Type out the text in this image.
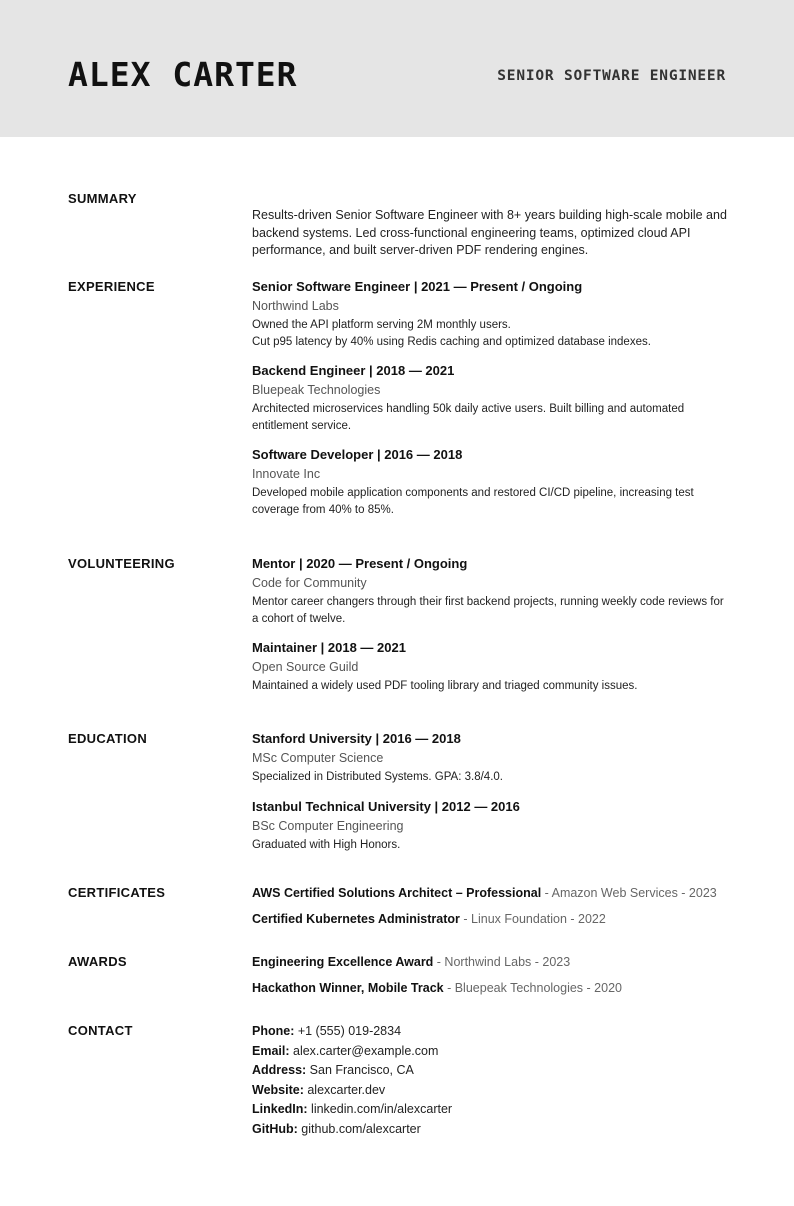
ALEX CARTER	SENIOR SOFTWARE ENGINEER
SUMMARY
Results-driven Senior Software Engineer with 8+ years building high-scale mobile and backend systems. Led cross-functional engineering teams, optimized cloud API performance, and built server-driven PDF rendering engines.
EXPERIENCE	Senior Software Engineer | 2021 — Present / Ongoing
Northwind Labs
Owned the API platform serving 2M monthly users.
Cut p95 latency by 40% using Redis caching and optimized database indexes.
Backend Engineer | 2018 — 2021
Bluepeak Technologies
Architected microservices handling 50k daily active users. Built billing and automated entitlement service.
Software Developer | 2016 — 2018
Innovate Inc
Developed mobile application components and restored CI/CD pipeline, increasing test coverage from 40% to 85%.
VOLUNTEERING	Mentor | 2020 — Present / Ongoing
Code for Community
Mentor career changers through their first backend projects, running weekly code reviews for a cohort of twelve.
Maintainer | 2018 — 2021
Open Source Guild
Maintained a widely used PDF tooling library and triaged community issues.
EDUCATION	Stanford University | 2016 — 2018
MSc Computer Science
Specialized in Distributed Systems. GPA: 3.8/4.0.
Istanbul Technical University | 2012 — 2016
BSc Computer Engineering
Graduated with High Honors.
CERTIFICATES	AWS Certified Solutions Architect – Professional - Amazon Web Services - 2023
Certified Kubernetes Administrator - Linux Foundation - 2022
AWARDS	Engineering Excellence Award - Northwind Labs - 2023
Hackathon Winner, Mobile Track - Bluepeak Technologies - 2020
CONTACT	Phone: +1 (555) 019-2834
Email: alex.carter@example.com
Address: San Francisco, CA
Website: alexcarter.dev
LinkedIn: linkedin.com/in/alexcarter
GitHub: github.com/alexcarter
